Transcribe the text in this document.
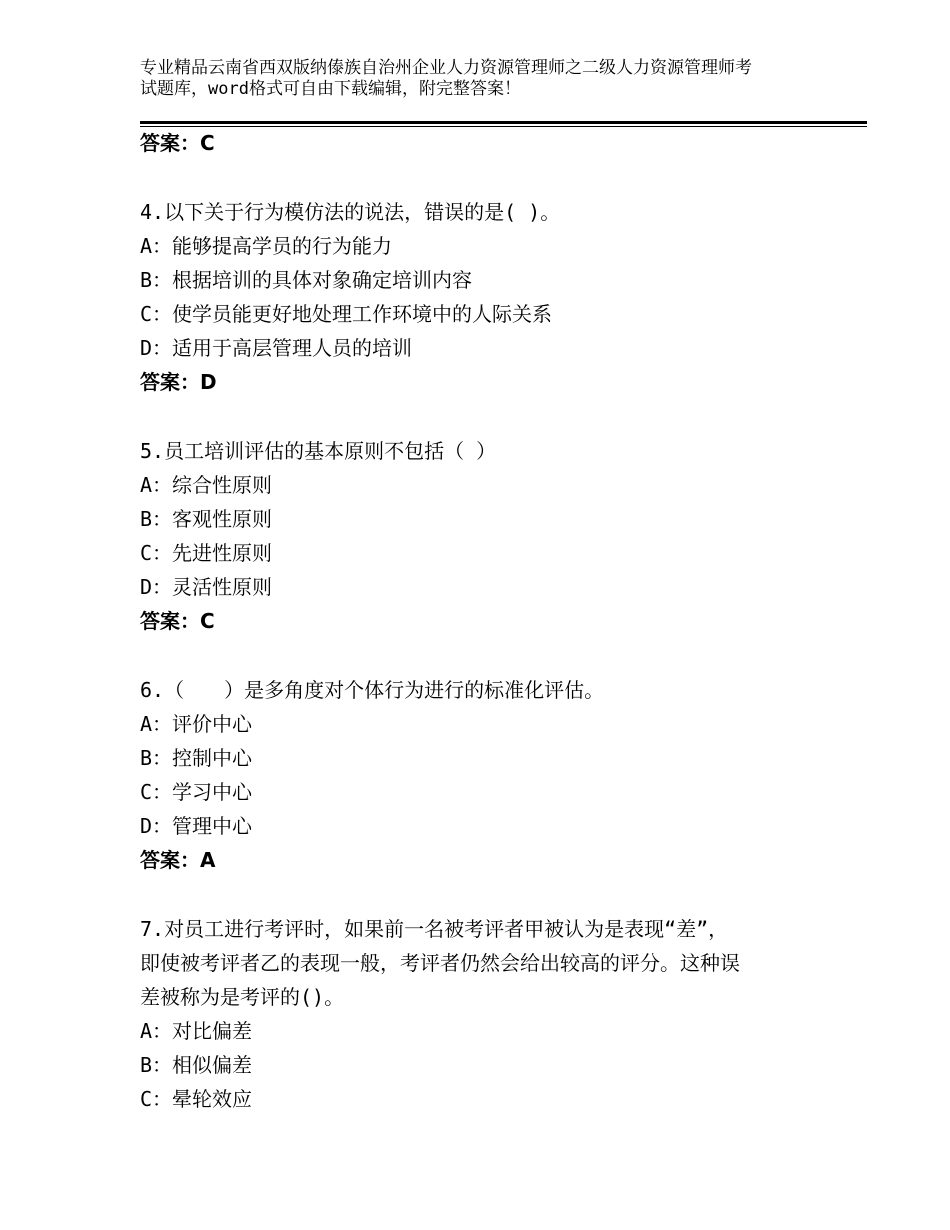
专业精品云南省西双版纳傣族自治州企业人力资源管理师之二级人力资源管理师考
试题库，word格式可自由下载编辑，附完整答案！
答案：C
4.以下关于行为模仿法的说法，错误的是( )。
A：能够提高学员的行为能力
B：根据培训的具体对象确定培训内容
C：使学员能更好地处理工作环境中的人际关系
D：适用于高层管理人员的培训
答案：D
5.员工培训评估的基本原则不包括（ ）
A：综合性原则
B：客观性原则
C：先进性原则
D：灵活性原则
答案：C
6.（　　）是多角度对个体行为进行的标准化评估。
A：评价中心
B：控制中心
C：学习中心
D：管理中心
答案：A
7.对员工进行考评时，如果前一名被考评者甲被认为是表现“差”，
即使被考评者乙的表现一般，考评者仍然会给出较高的评分。这种误
差被称为是考评的()。
A：对比偏差
B：相似偏差
C：晕轮效应
